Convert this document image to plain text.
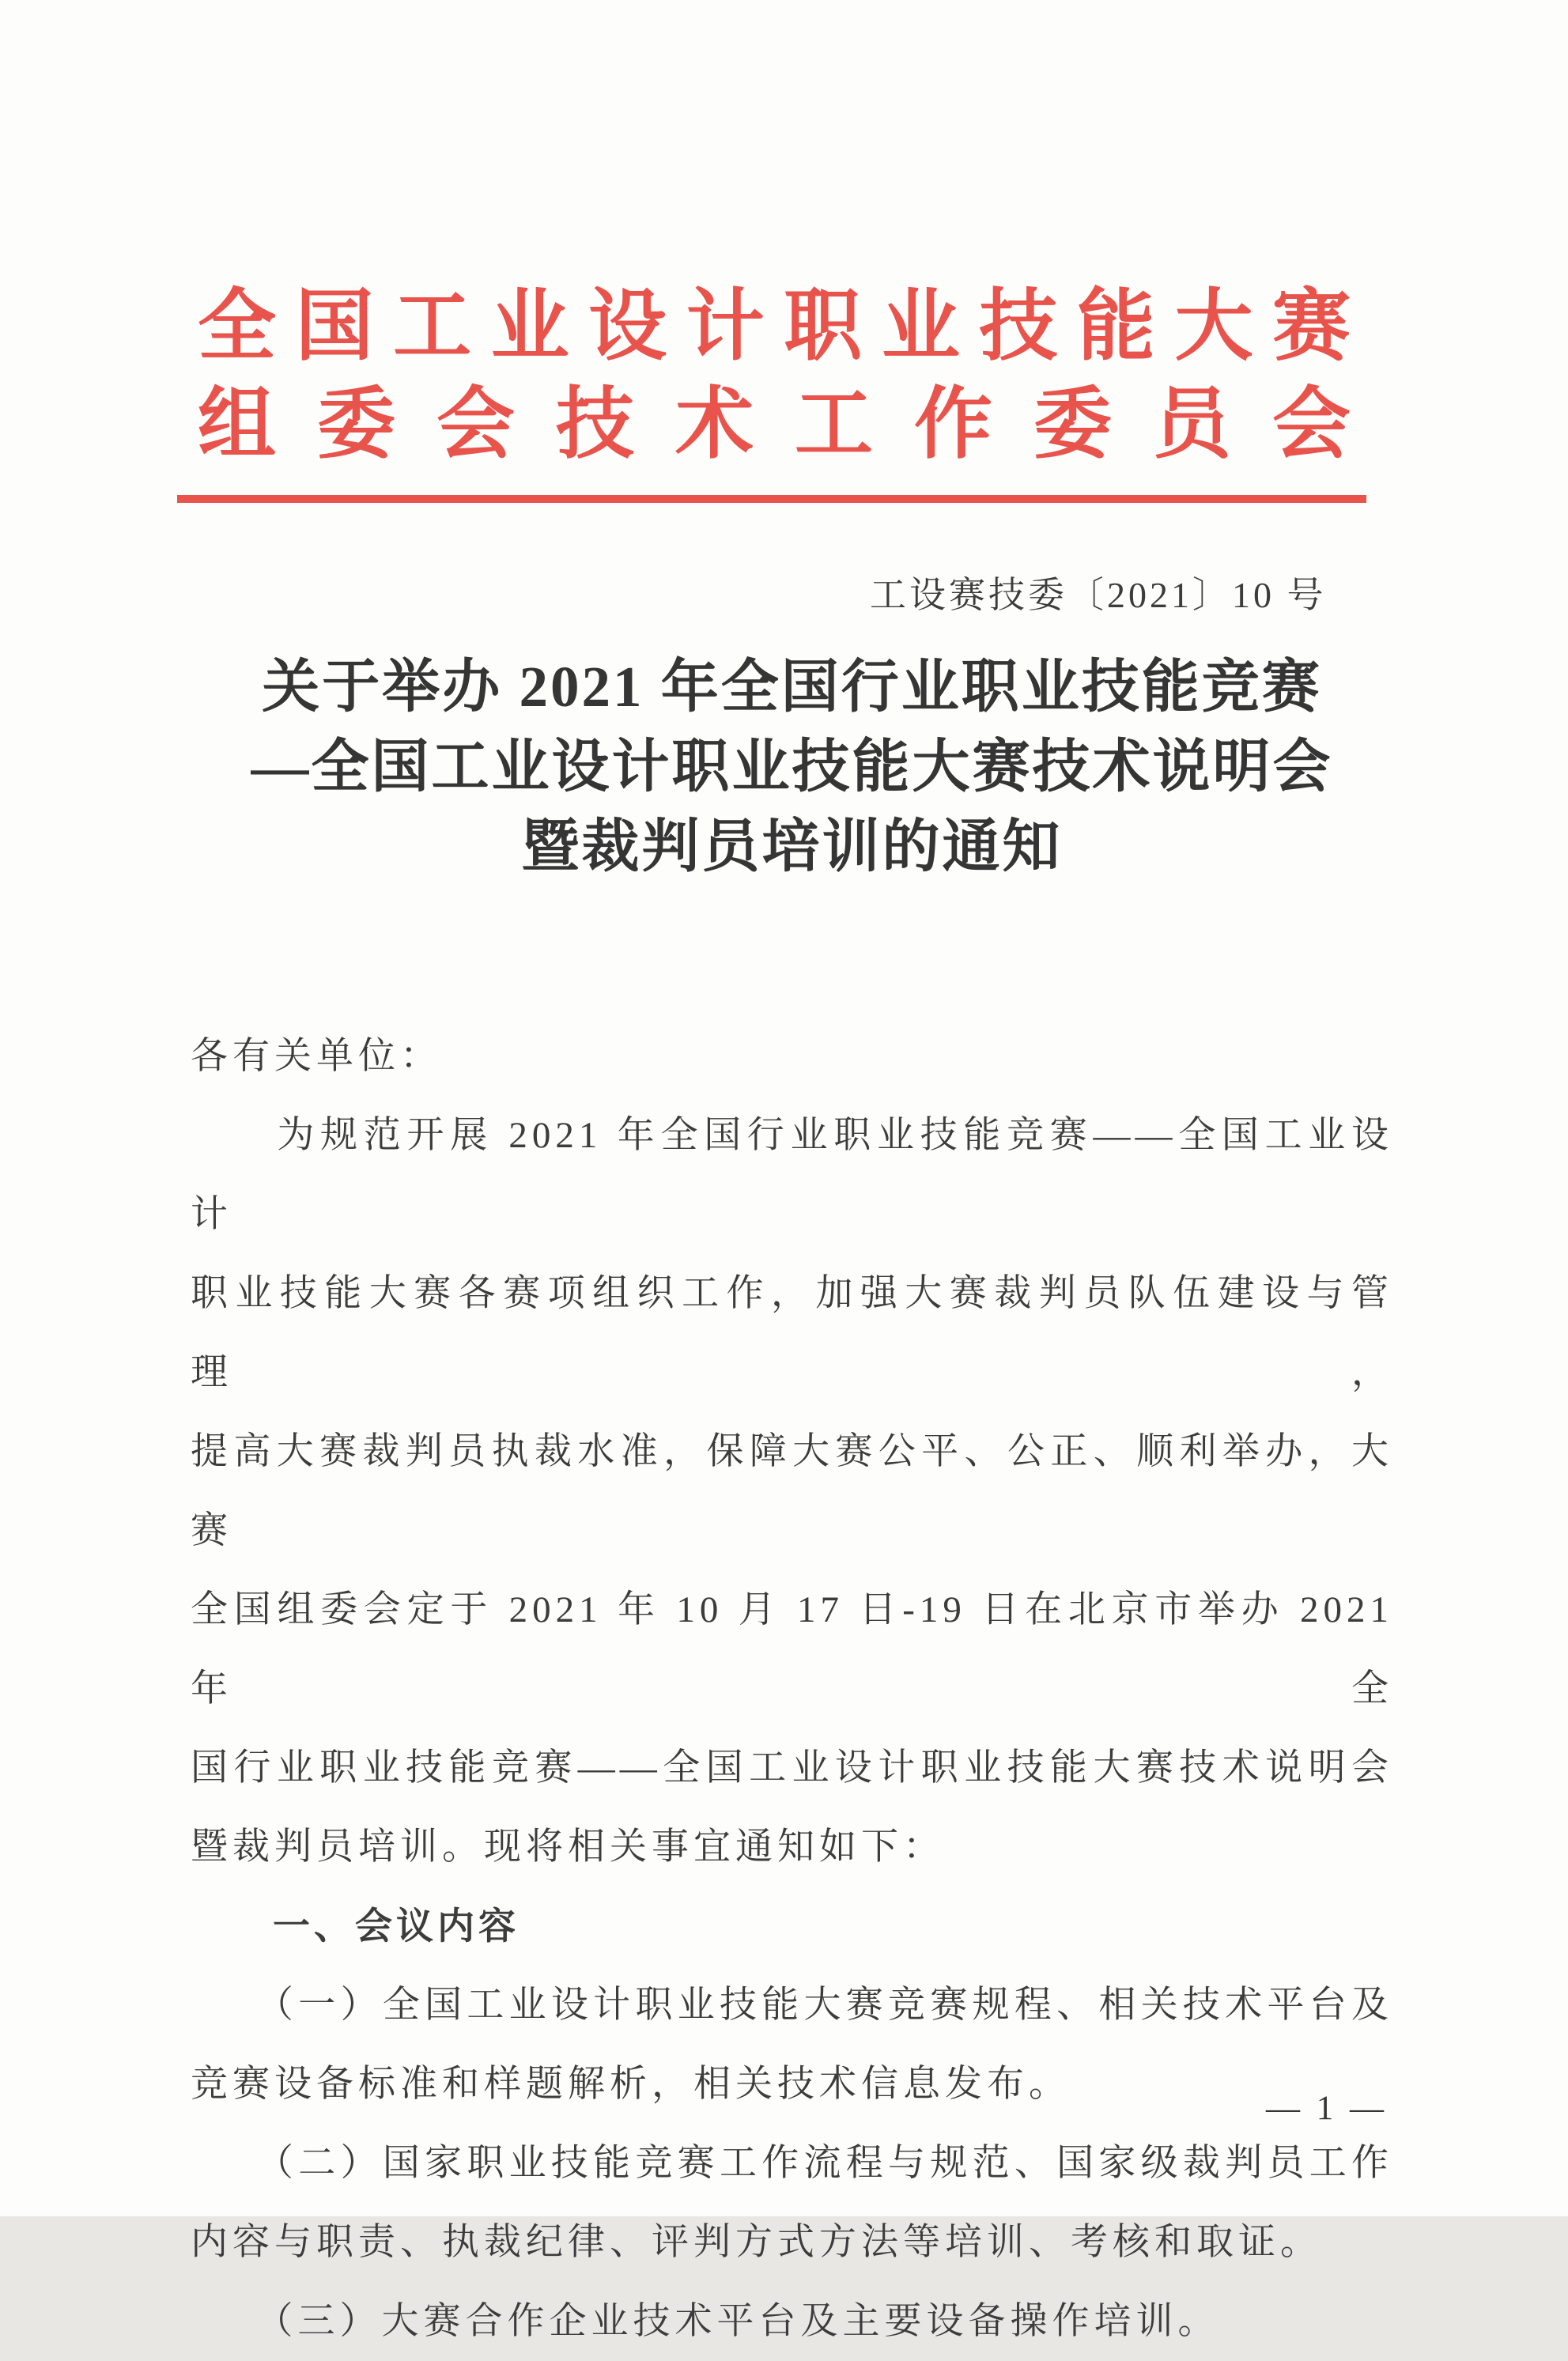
全国工业设计职业技能大赛
组委会技术工作委员会
工设赛技委〔2021〕10 号
关于举办 2021 年全国行业职业技能竞赛
—全国工业设计职业技能大赛技术说明会
暨裁判员培训的通知
各有关单位：
　　为规范开展 2021 年全国行业职业技能竞赛——全国工业设计
职业技能大赛各赛项组织工作，加强大赛裁判员队伍建设与管理，
提高大赛裁判员执裁水准，保障大赛公平、公正、顺利举办，大赛
全国组委会定于 2021 年 10 月 17 日-19 日在北京市举办 2021 年全
国行业职业技能竞赛——全国工业设计职业技能大赛技术说明会
暨裁判员培训。现将相关事宜通知如下：
　　一、会议内容
　　（一）全国工业设计职业技能大赛竞赛规程、相关技术平台及
竞赛设备标准和样题解析，相关技术信息发布。
　　（二）国家职业技能竞赛工作流程与规范、国家级裁判员工作
内容与职责、执裁纪律、评判方式方法等培训、考核和取证。
　　（三）大赛合作企业技术平台及主要设备操作培训。
— 1 —
